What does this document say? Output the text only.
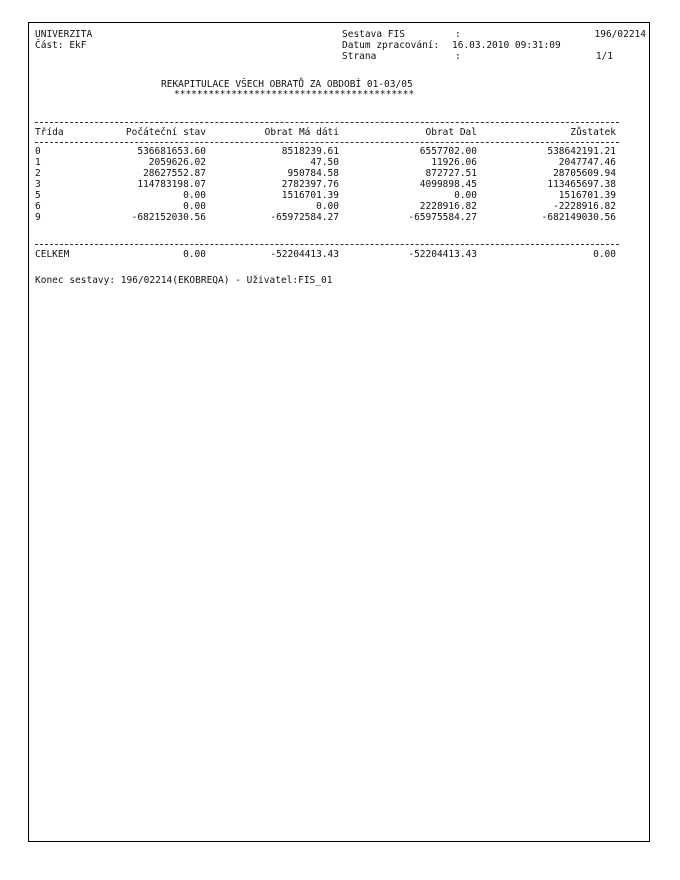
UNIVERZITA
Část: EkF
Sestava FIS	:	196/02214
Datum zpracování: 16.03.2010 09:31:09
Strana	:	1/1
REKAPITULACE VŠECH OBRATŮ ZA OBDOBÍ 01-03/05
******************************************
Třída	Počáteční stav	Obrat Má dáti	Obrat Dal	Zůstatek
0	536681653.60	8518239.61	6557702.00	538642191.21
1	2059626.02	47.50	11926.06	2047747.46
2	28627552.87	950784.58	872727.51	28705609.94
3	114783198.07	2782397.76	4099898.45	113465697.38
5	0.00	1516701.39	0.00	1516701.39
6	0.00	0.00	2228916.82	-2228916.82
9	-682152030.56	-65972584.27	-65975584.27	-682149030.56
CELKEM	0.00	-52204413.43	-52204413.43	0.00
Konec sestavy: 196/02214(EKOBREQA) - Uživatel:FIS_01
